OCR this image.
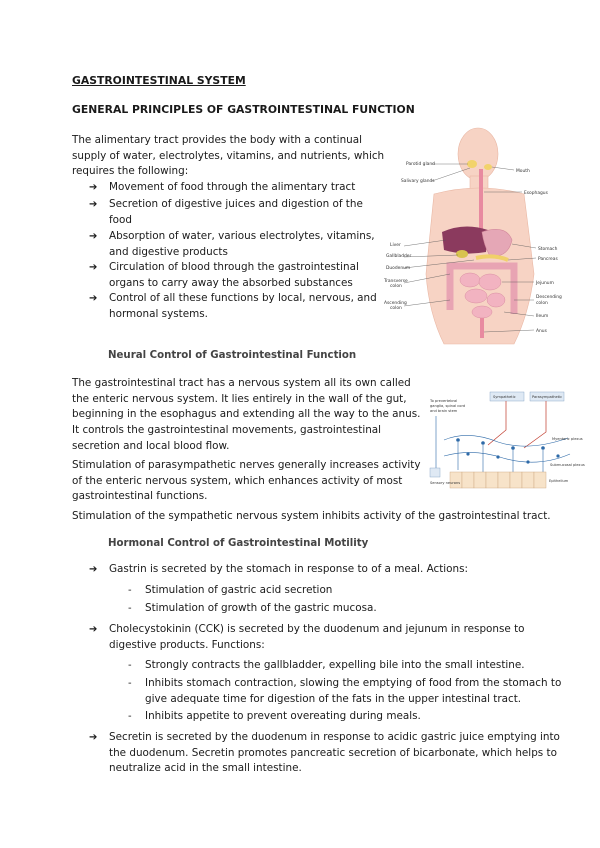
GASTROINTESTINAL SYSTEM
GENERAL PRINCIPLES OF GASTROINTESTINAL FUNCTION
The alimentary tract provides the body with a continual
supply of water, electrolytes, vitamins, and nutrients, which
requires the following:
➔ Movement of food through the alimentary tract
➔ Secretion of digestive juices and digestion of the
food
➔ Absorption of water, various electrolytes, vitamins,
and digestive products
➔ Circulation of blood through the gastrointestinal
organs to carry away the absorbed substances
➔ Control of all these functions by local, nervous, and
hormonal systems.
Parotid gland
Salivary glands
Mouth
Esophagus
Liver
Gallbladder
Duodenum
Stomach
Pancreas
Jejunum
Transverse
colon
Ascending
colon
Descending
colon
Ileum
Anus
Neural Control of Gastrointestinal Function
The gastrointestinal tract has a nervous system all its own called
the enteric nervous system. It lies entirely in the wall of the gut,
beginning in the esophagus and extending all the way to the anus.
It controls the gastrointestinal movements, gastrointestinal
secretion and local blood flow.
Stimulation of parasympathetic nerves generally increases activity
of the enteric nervous system, which enhances activity of most
gastrointestinal functions.
Stimulation of the sympathetic nervous system inhibits activity of the gastrointestinal tract.
Sympathetic	Parasympathetic
To prevertebral
ganglia, spinal cord
and brain stem
Myenteric plexus
Submucosal plexus
Epithelium
Sensory neurons
Hormonal Control of Gastrointestinal Motility
➔ Gastrin is secreted by the stomach in response to of a meal. Actions:
- Stimulation of gastric acid secretion
- Stimulation of growth of the gastric mucosa.
➔ Cholecystokinin (CCK) is secreted by the duodenum and jejunum in response to
digestive products. Functions:
- Strongly contracts the gallbladder, expelling bile into the small intestine.
- Inhibits stomach contraction, slowing the emptying of food from the stomach to
give adequate time for digestion of the fats in the upper intestinal tract.
- Inhibits appetite to prevent overeating during meals.
➔ Secretin is secreted by the duodenum in response to acidic gastric juice emptying into
the duodenum. Secretin promotes pancreatic secretion of bicarbonate, which helps to
neutralize acid in the small intestine.
